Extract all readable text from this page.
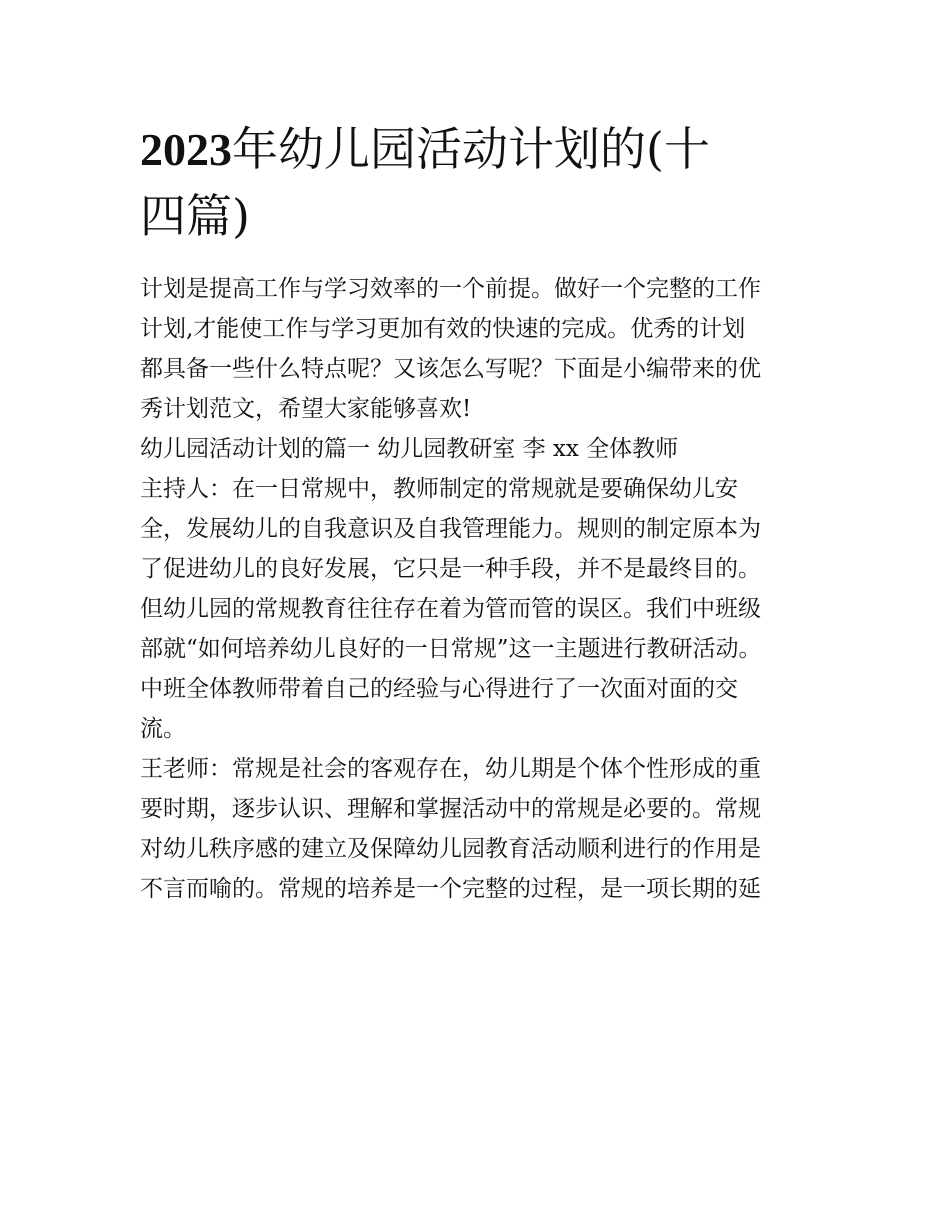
2023年幼儿园活动计划的(十
四篇)

计划是提高工作与学习效率的一个前提。做好一个完整的工作
计划,才能使工作与学习更加有效的快速的完成。优秀的计划
都具备一些什么特点呢？又该怎么写呢？下面是小编带来的优
秀计划范文，希望大家能够喜欢!

幼儿园活动计划的篇一 幼儿园教研室 李 xx 全体教师

主持人：在一日常规中，教师制定的常规就是要确保幼儿安
全，发展幼儿的自我意识及自我管理能力。规则的制定原本为
了促进幼儿的良好发展，它只是一种手段，并不是最终目的。
但幼儿园的常规教育往往存在着为管而管的误区。我们中班级
部就“如何培养幼儿良好的一日常规”这一主题进行教研活动。
中班全体教师带着自己的经验与心得进行了一次面对面的交
流。

王老师：常规是社会的客观存在，幼儿期是个体个性形成的重
要时期，逐步认识、理解和掌握活动中的常规是必要的。常规
对幼儿秩序感的建立及保障幼儿园教育活动顺利进行的作用是
不言而喻的。常规的培养是一个完整的过程，是一项长期的延
